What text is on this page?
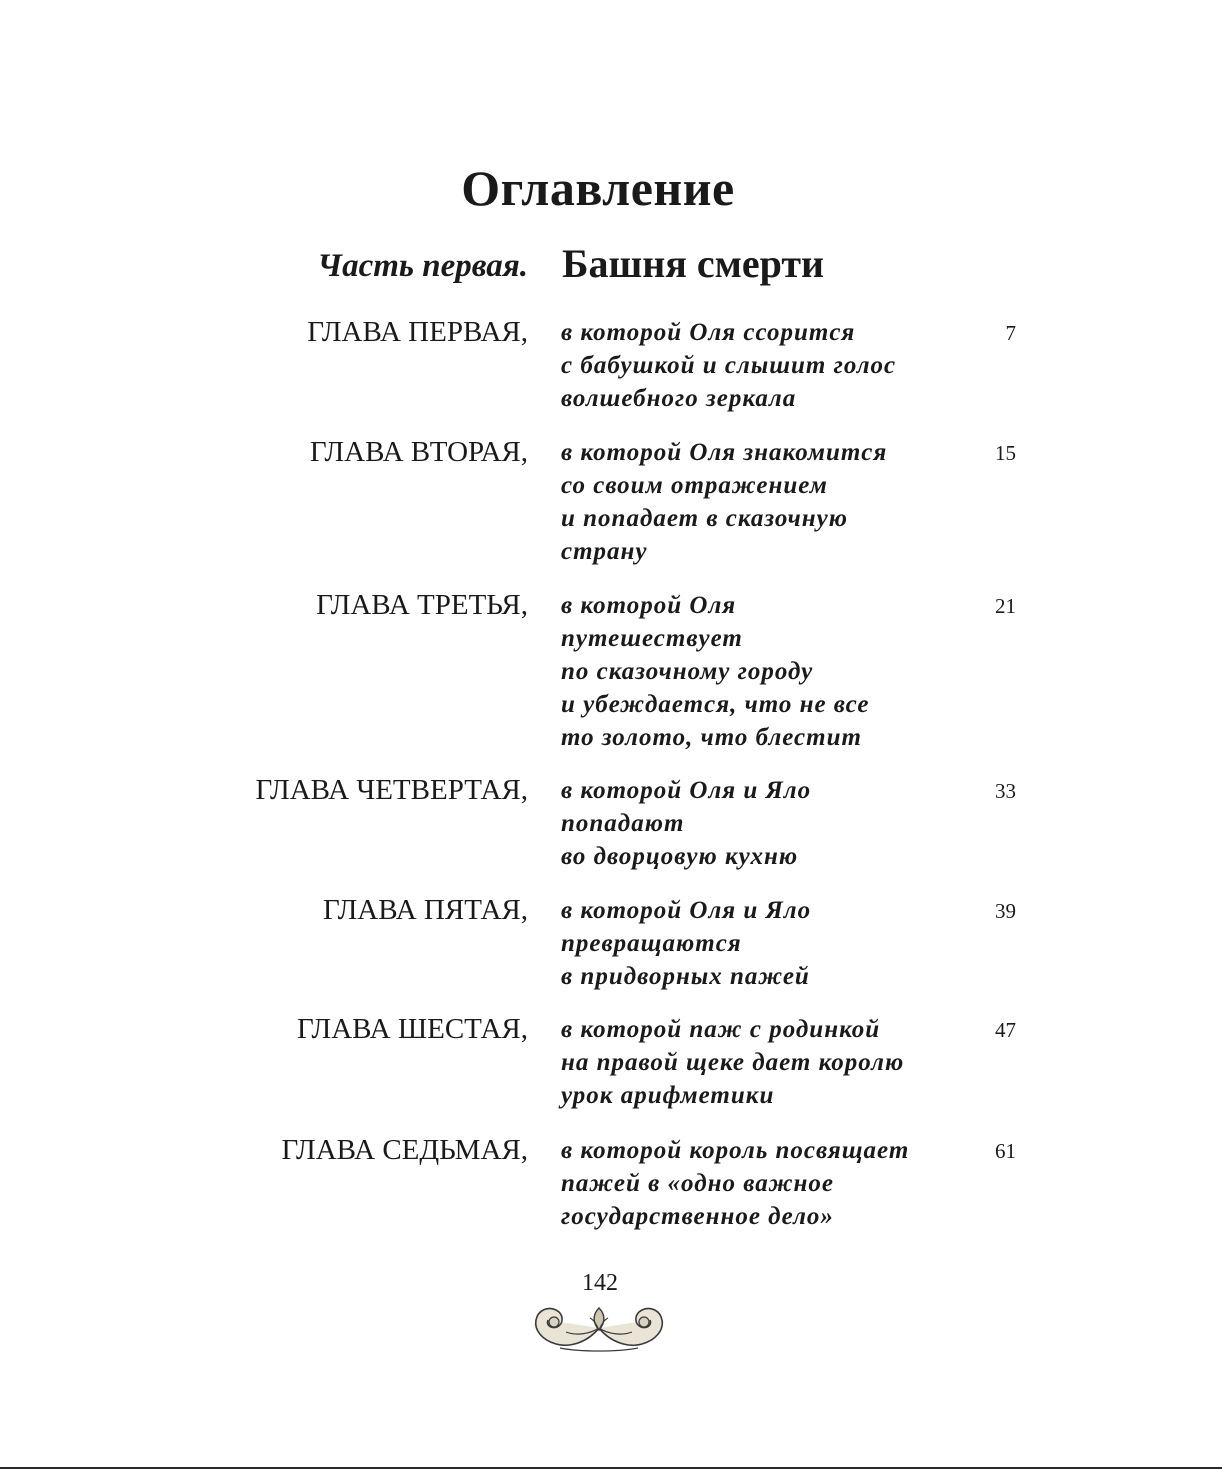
Оглавление
Часть первая. Башня смерти
ГЛАВА ПЕРВАЯ, в которой Оля ссорится
с бабушкой и слышит голос
волшебного зеркала
7
ГЛАВА ВТОРАЯ, в которой Оля знакомится
со своим отражением
и попадает в сказочную
страну
15
ГЛАВА ТРЕТЬЯ, в которой Оля
путешествует
по сказочному городу
и убеждается, что не все
то золото, что блестит
21
ГЛАВА ЧЕТВЕРТАЯ, в которой Оля и Яло
попадают
во дворцовую кухню
33
ГЛАВА ПЯТАЯ, в которой Оля и Яло
превращаются
в придворных пажей
39
ГЛАВА ШЕСТАЯ, в которой паж с родинкой
на правой щеке дает королю
урок арифметики
47
ГЛАВА СЕДЬМАЯ, в которой король посвящает
пажей в «одно важное
государственное дело»
61
142
